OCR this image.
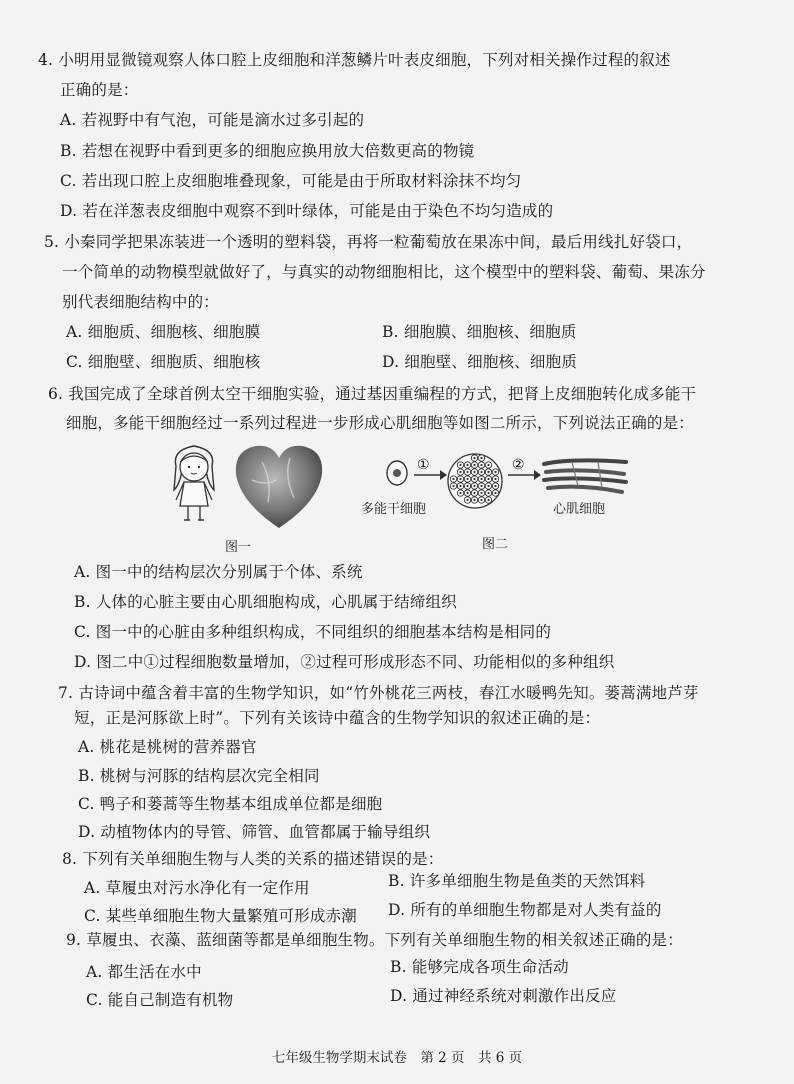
4. 小明用显微镜观察人体口腔上皮细胞和洋葱鳞片叶表皮细胞，下列对相关操作过程的叙述
正确的是：
A. 若视野中有气泡，可能是滴水过多引起的
B. 若想在视野中看到更多的细胞应换用放大倍数更高的物镜
C. 若出现口腔上皮细胞堆叠现象，可能是由于所取材料涂抹不均匀
D. 若在洋葱表皮细胞中观察不到叶绿体，可能是由于染色不均匀造成的
5. 小秦同学把果冻装进一个透明的塑料袋，再将一粒葡萄放在果冻中间，最后用线扎好袋口，
一个简单的动物模型就做好了，与真实的动物细胞相比，这个模型中的塑料袋、葡萄、果冻分
别代表细胞结构中的：
A. 细胞质、细胞核、细胞膜	B. 细胞膜、细胞核、细胞质
C. 细胞壁、细胞质、细胞核	D. 细胞壁、细胞核、细胞质
6. 我国完成了全球首例太空干细胞实验，通过基因重编程的方式，把肾上皮细胞转化成多能干
细胞，多能干细胞经过一系列过程进一步形成心肌细胞等如图二所示，下列说法正确的是：
图一
①	②
多能干细胞	心肌细胞
图二
A. 图一中的结构层次分别属于个体、系统
B. 人体的心脏主要由心肌细胞构成，心肌属于结缔组织
C. 图一中的心脏由多种组织构成，不同组织的细胞基本结构是相同的
D. 图二中①过程细胞数量增加，②过程可形成形态不同、功能相似的多种组织
7. 古诗词中蕴含着丰富的生物学知识，如“竹外桃花三两枝，春江水暖鸭先知。蒌蒿满地芦芽
短，正是河豚欲上时”。下列有关该诗中蕴含的生物学知识的叙述正确的是：
A. 桃花是桃树的营养器官
B. 桃树与河豚的结构层次完全相同
C. 鸭子和蒌蒿等生物基本组成单位都是细胞
D. 动植物体内的导管、筛管、血管都属于输导组织
8. 下列有关单细胞生物与人类的关系的描述错误的是：
A. 草履虫对污水净化有一定作用	B. 许多单细胞生物是鱼类的天然饵料
C. 某些单细胞生物大量繁殖可形成赤潮 D. 所有的单细胞生物都是对人类有益的
9. 草履虫、衣藻、蓝细菌等都是单细胞生物。下列有关单细胞生物的相关叙述正确的是：
A. 都生活在水中	B. 能够完成各项生命活动
C. 能自己制造有机物	D. 通过神经系统对刺激作出反应
七年级生物学期末试卷　第 2 页　共 6 页
